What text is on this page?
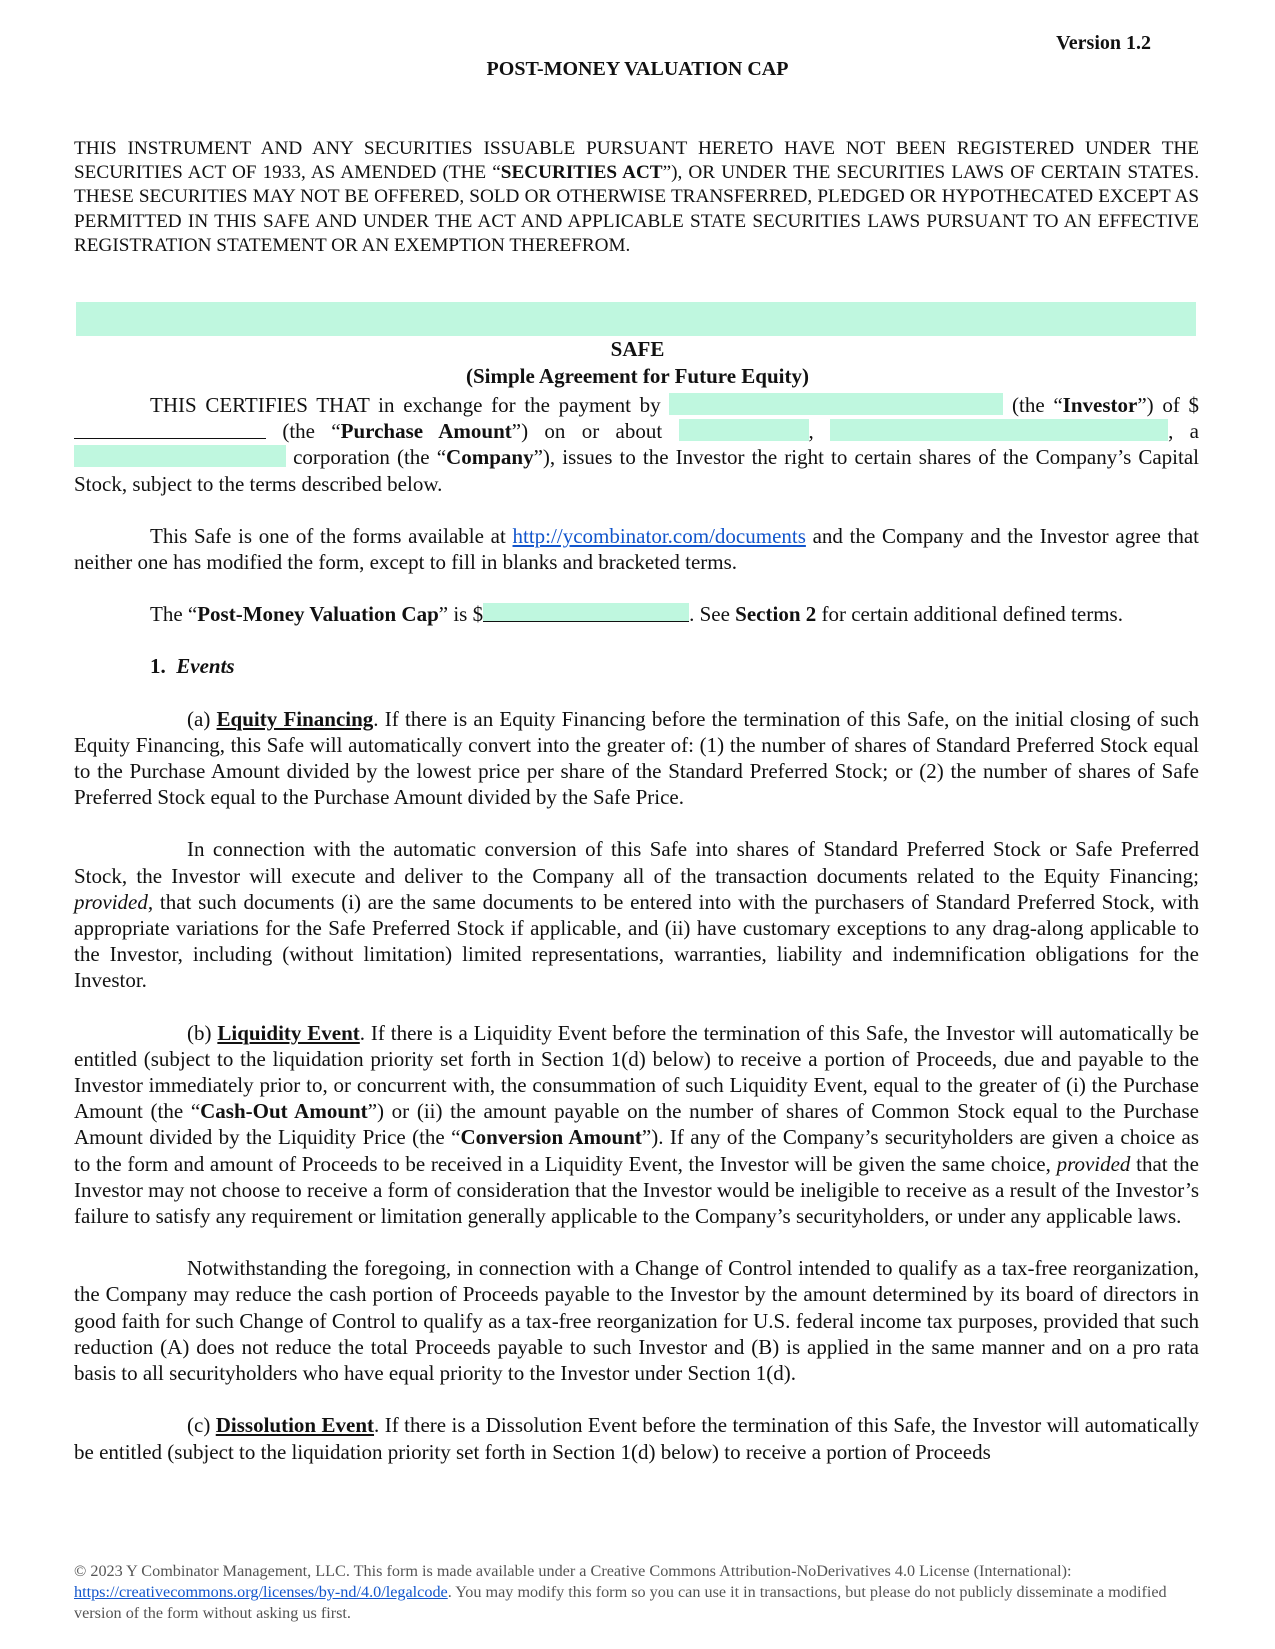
Version 1.2
POST-MONEY VALUATION CAP
THIS INSTRUMENT AND ANY SECURITIES ISSUABLE PURSUANT HERETO HAVE NOT BEEN REGISTERED UNDER THE SECURITIES ACT OF 1933, AS AMENDED (THE “SECURITIES ACT”), OR UNDER THE SECURITIES LAWS OF CERTAIN STATES. THESE SECURITIES MAY NOT BE OFFERED, SOLD OR OTHERWISE TRANSFERRED, PLEDGED OR HYPOTHECATED EXCEPT AS PERMITTED IN THIS SAFE AND UNDER THE ACT AND APPLICABLE STATE SECURITIES LAWS PURSUANT TO AN EFFECTIVE REGISTRATION STATEMENT OR AN EXEMPTION THEREFROM.
SAFE
(Simple Agreement for Future Equity)

THIS CERTIFIES THAT in exchange for the payment by	(the “Investor”) of $ (the “Purchase Amount”) on or about	,	, a  corporation (the “Company”), issues to the Investor the right to certain shares of the Company’s Capital Stock, subject to the terms described below.

This Safe is one of the forms available at http://ycombinator.com/documents and the Company and the Investor agree that neither one has modified the form, except to fill in blanks and bracketed terms.

The “Post-Money Valuation Cap” is $	. See Section 2 for certain additional defined terms.

1. Events

(a) Equity Financing. If there is an Equity Financing before the termination of this Safe, on the initial closing of such Equity Financing, this Safe will automatically convert into the greater of: (1) the number of shares of Standard Preferred Stock equal to the Purchase Amount divided by the lowest price per share of the Standard Preferred Stock; or (2) the number of shares of Safe Preferred Stock equal to the Purchase Amount divided by the Safe Price.

In connection with the automatic conversion of this Safe into shares of Standard Preferred Stock or Safe Preferred Stock, the Investor will execute and deliver to the Company all of the transaction documents related to the Equity Financing; provided, that such documents (i) are the same documents to be entered into with the purchasers of Standard Preferred Stock, with appropriate variations for the Safe Preferred Stock if applicable, and (ii) have customary exceptions to any drag-along applicable to the Investor, including (without limitation) limited representations, warranties, liability and indemnification obligations for the Investor.

(b) Liquidity Event. If there is a Liquidity Event before the termination of this Safe, the Investor will automatically be entitled (subject to the liquidation priority set forth in Section 1(d) below) to receive a portion of Proceeds, due and payable to the Investor immediately prior to, or concurrent with, the consummation of such Liquidity Event, equal to the greater of (i) the Purchase Amount (the “Cash-Out Amount”) or (ii) the amount payable on the number of shares of Common Stock equal to the Purchase Amount divided by the Liquidity Price (the “Conversion Amount”). If any of the Company’s securityholders are given a choice as to the form and amount of Proceeds to be received in a Liquidity Event, the Investor will be given the same choice, provided that the Investor may not choose to receive a form of consideration that the Investor would be ineligible to receive as a result of the Investor’s failure to satisfy any requirement or limitation generally applicable to the Company’s securityholders, or under any applicable laws.

Notwithstanding the foregoing, in connection with a Change of Control intended to qualify as a tax-free reorganization, the Company may reduce the cash portion of Proceeds payable to the Investor by the amount determined by its board of directors in good faith for such Change of Control to qualify as a tax-free reorganization for U.S. federal income tax purposes, provided that such reduction (A) does not reduce the total Proceeds payable to such Investor and (B) is applied in the same manner and on a pro rata basis to all securityholders who have equal priority to the Investor under Section 1(d).

(c) Dissolution Event. If there is a Dissolution Event before the termination of this Safe, the Investor will automatically be entitled (subject to the liquidation priority set forth in Section 1(d) below) to receive a portion of Proceeds

© 2023 Y Combinator Management, LLC. This form is made available under a Creative Commons Attribution-NoDerivatives 4.0 License (International): https://creativecommons.org/licenses/by-nd/4.0/legalcode. You may modify this form so you can use it in transactions, but please do not publicly disseminate a modified version of the form without asking us first.
